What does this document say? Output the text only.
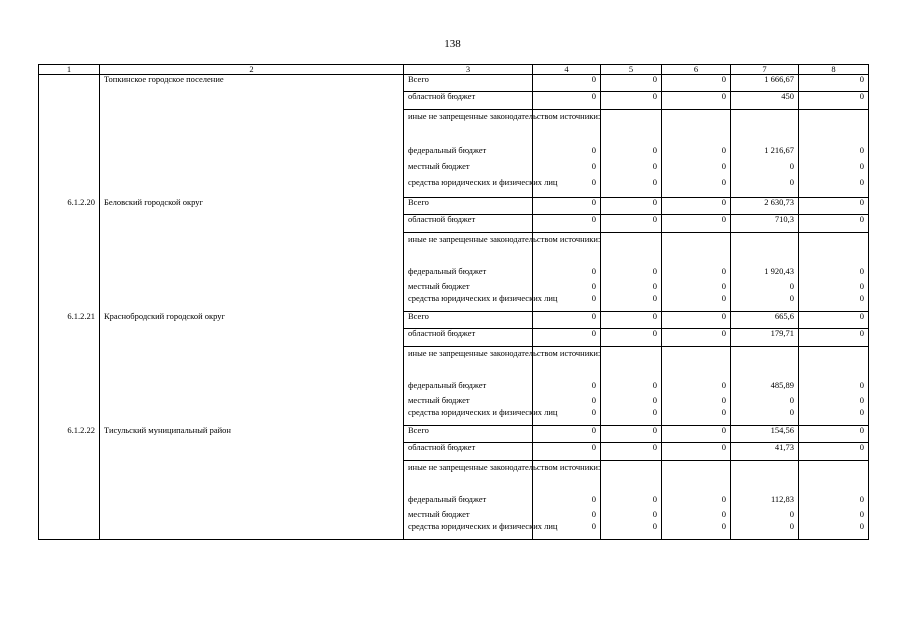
138
1	2	3	4	5	6	7	8
	Топкинское городское поселение	Всего	0	0	0	1 666,67	0
		областной бюджет	0	0	0	450	0
		иные не запрещенные законодательством источники:					
		федеральный бюджет	0	0	0	1 216,67	0
		местный бюджет	0	0	0	0	0
		средства юридических и физических лиц	0	0	0	0	0
6.1.2.20	Беловский городской округ	Всего	0	0	0	2 630,73	0
		областной бюджет	0	0	0	710,3	0
		иные не запрещенные законодательством источники:					
		федеральный бюджет	0	0	0	1 920,43	0
		местный бюджет	0	0	0	0	0
		средства юридических и физических лиц	0	0	0	0	0
6.1.2.21	Краснобродский городской округ	Всего	0	0	0	665,6	0
		областной бюджет	0	0	0	179,71	0
		иные не запрещенные законодательством источники:					
		федеральный бюджет	0	0	0	485,89	0
		местный бюджет	0	0	0	0	0
		средства юридических и физических лиц	0	0	0	0	0
6.1.2.22	Тисульский муниципальный район	Всего	0	0	0	154,56	0
		областной бюджет	0	0	0	41,73	0
		иные не запрещенные законодательством источники:					
		федеральный бюджет	0	0	0	112,83	0
		местный бюджет	0	0	0	0	0
		средства юридических и физических лиц	0	0	0	0	0
